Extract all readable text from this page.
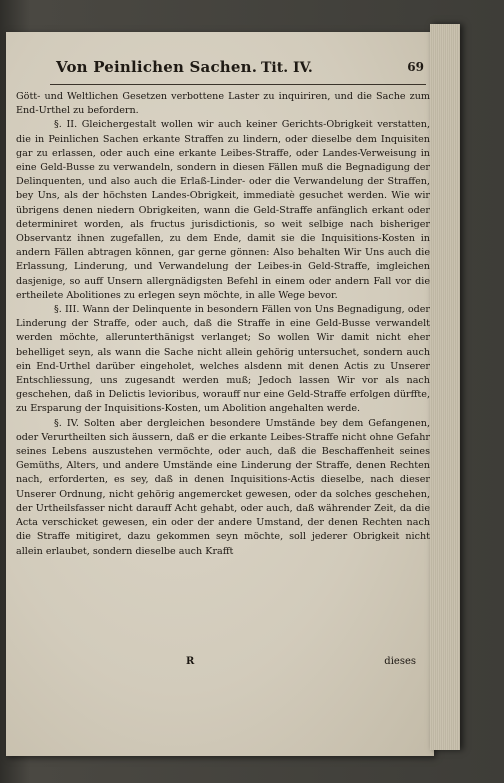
Von Peinlichen Sachen. Tit. IV.	69

Gött- und Weltlichen Gesetzen verbottene Laster zu inquiriren, und die Sache zum End-Urthel zu befordern.

§. II. Gleichergestalt wollen wir auch keiner Gerichts-Obrigkeit verstatten, die in Peinlichen Sachen erkante Straffen zu lindern, oder dieselbe dem Inquisiten gar zu erlassen, oder auch eine erkante Leibes-Straffe, oder Landes-Verweisung in eine Geld-Busse zu verwandeln, sondern in diesen Fällen muß die Begnadigung der Delinquenten, und also auch die Erlaß-Linder- oder die Verwandelung der Straffen, bey Uns, als der höchsten Landes-Obrigkeit, immediatè gesuchet werden. Wie wir übrigens denen niedern Obrigkeiten, wann die Geld-Straffe anfänglich erkant oder determiniret worden, als fructus jurisdictionis, so weit selbige nach bisheriger Observantz ihnen zugefallen, zu dem Ende, damit sie die Inquisitions-Kosten in andern Fällen abtragen können, gar gerne gönnen: Also behalten Wir Uns auch die Erlassung, Linderung, und Verwandelung der Leibes-in Geld-Straffe, imgleichen dasjenige, so auff Unsern allergnädigsten Befehl in einem oder andern Fall vor die ertheilete Abolitiones zu erlegen seyn möchte, in alle Wege bevor.

§. III. Wann der Delinquente in besondern Fällen von Uns Begnadigung, oder Linderung der Straffe, oder auch, daß die Straffe in eine Geld-Busse verwandelt werden möchte, allerunterthänigst verlanget; So wollen Wir damit nicht eher behelliget seyn, als wann die Sache nicht allein gehörig untersuchet, sondern auch ein End-Urthel darüber eingeholet, welches alsdenn mit denen Actis zu Unserer Entschliessung, uns zugesandt werden muß; Jedoch lassen Wir vor als nach geschehen, daß in Delictis levioribus, worauff nur eine Geld-Straffe erfolgen dürffte, zu Ersparung der Inquisitions-Kosten, um Abolition angehalten werde.

§. IV. Solten aber dergleichen besondere Umstände bey dem Gefangenen, oder Verurtheilten sich äussern, daß er die erkante Leibes-Straffe nicht ohne Gefahr seines Lebens auszustehen vermöchte, oder auch, daß die Beschaffenheit seines Gemüths, Alters, und andere Umstände eine Linderung der Straffe, denen Rechten nach, erforderten, es sey, daß in denen Inquisitions-Actis dieselbe, nach dieser Unserer Ordnung, nicht gehörig angemercket gewesen, oder da solches geschehen, der Urtheilsfasser nicht darauff Acht gehabt, oder auch, daß währender Zeit, da die Acta verschicket gewesen, ein oder der andere Umstand, der denen Rechten nach die Straffe mitigiret, dazu gekommen seyn möchte, soll jederer Obrigkeit nicht allein erlaubet, sondern dieselbe auch Krafft

R	dieses
